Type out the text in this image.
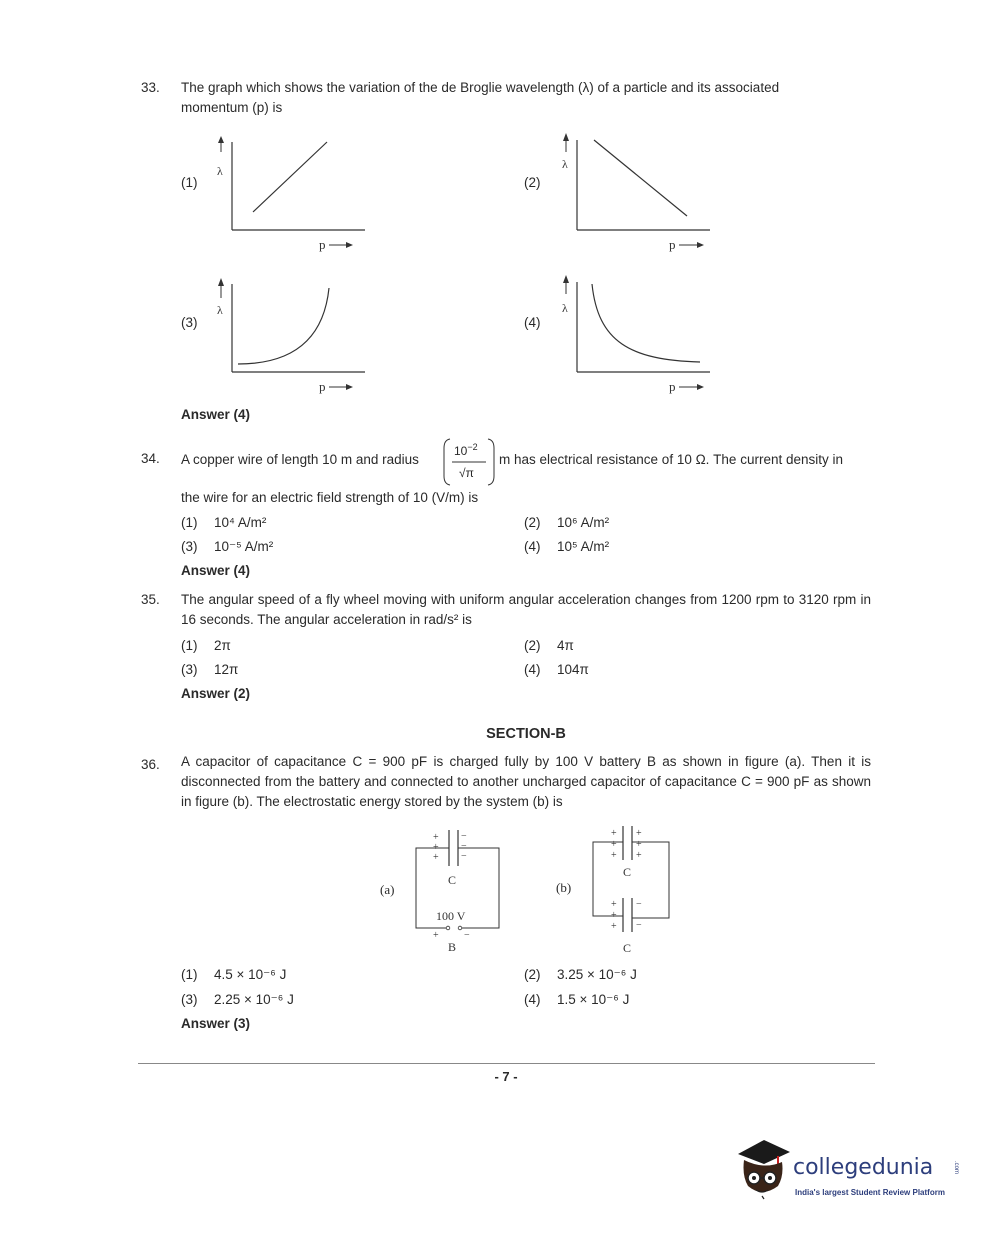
33. The graph which shows the variation of the de Broglie wavelength (λ) of a particle and its associated
momentum (p) is
(1)	(2)
(3)	(4)
λ
p
λ
p
λ
p
λ
p
Answer (4)
34. A copper wire of length 10 m and radius
$10^{-2}$
√π
m has electrical resistance of 10 Ω. The current density in
the wire for an electric field strength of 10 (V/m) is
(1) 10⁴ A/m²	(2) 10⁶ A/m²
(3) 10⁻⁵ A/m²	(4) 10⁵ A/m²
Answer (4)
35. The angular speed of a fly wheel moving with uniform angular acceleration changes from 1200 rpm to 3120 rpm in 16 seconds. The angular acceleration in rad/s² is
(1) 2π	(2) 4π
(3) 12π	(4) 104π
Answer (2)
SECTION-B
36. A capacitor of capacitance C = 900 pF is charged fully by 100 V battery B as shown in figure (a). Then it is disconnected from the battery and connected to another uncharged capacitor of capacitance C = 900 pF as shown in figure (b). The electrostatic energy stored by the system (b) is
(a)
+
+
+
−
−
−
C
100 V
+	−
B
(b)
+
+
+
+
+
+
C
+
+
+
−
−
C
(1) 4.5 × 10⁻⁶ J	(2) 3.25 × 10⁻⁶ J
(3) 2.25 × 10⁻⁶ J	(4) 1.5 × 10⁻⁶ J
Answer (3)
- 7 -
collegedunia	.com
India's largest Student Review Platform
